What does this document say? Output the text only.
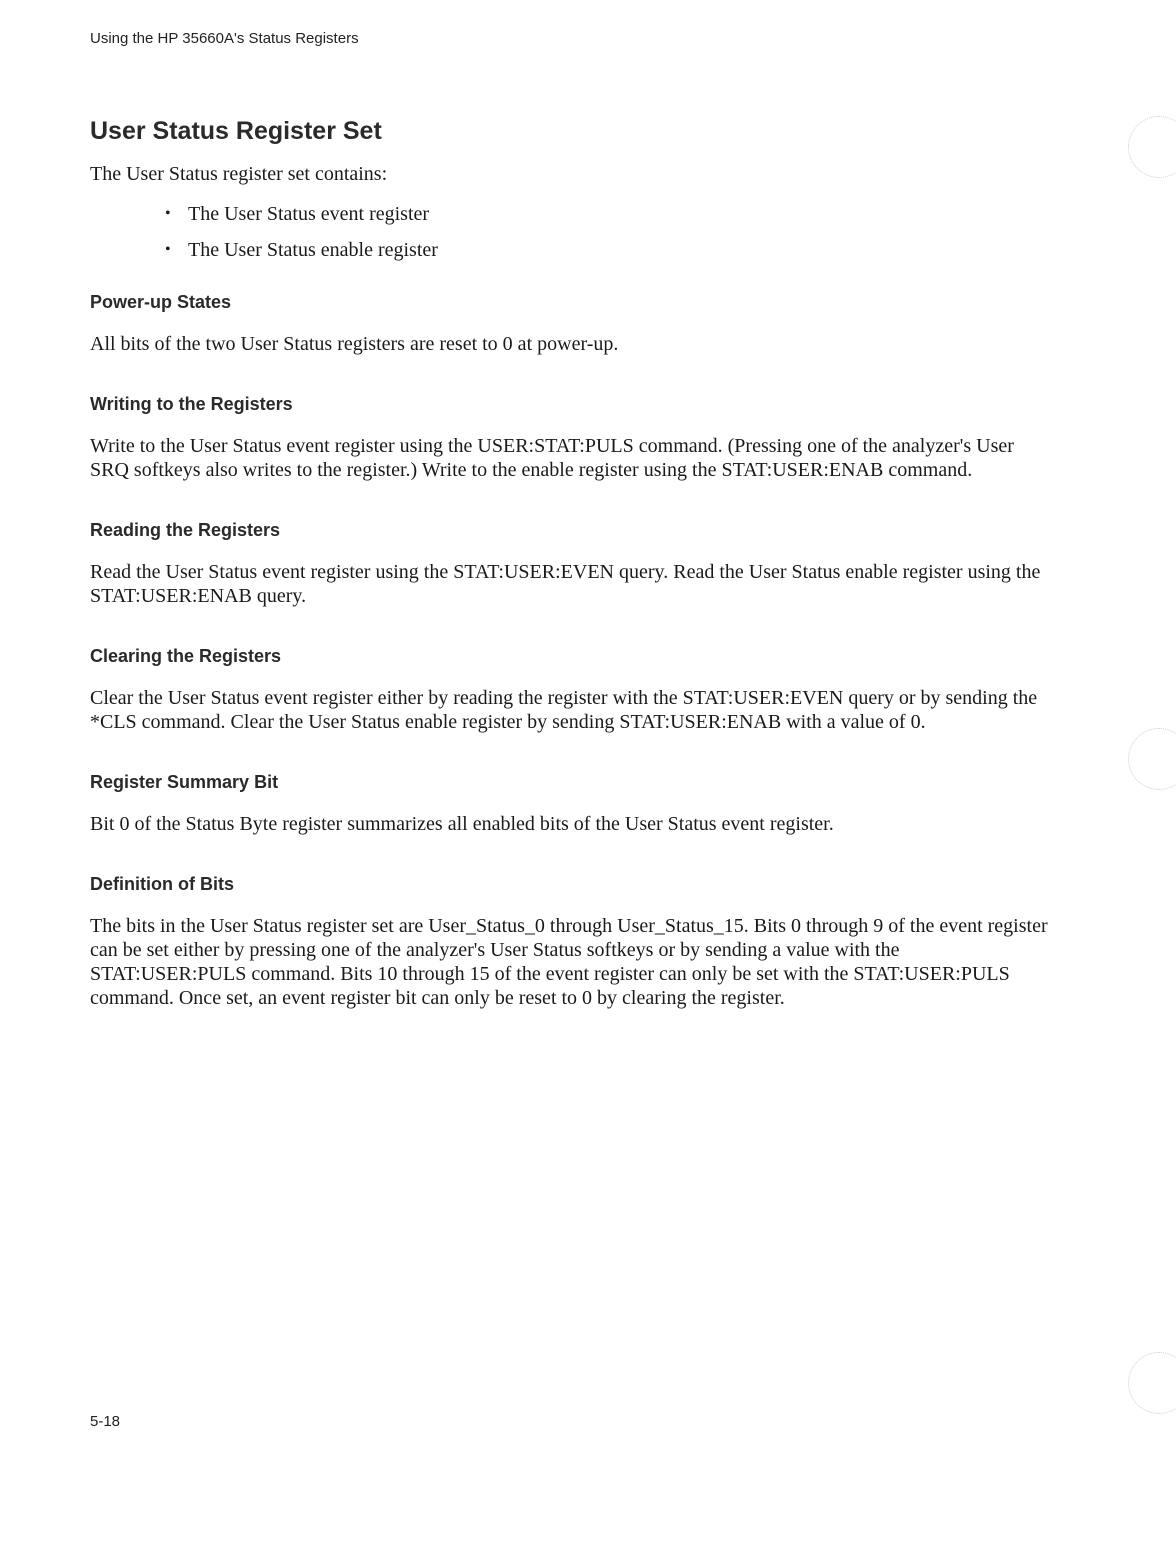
Using the HP 35660A's Status Registers
User Status Register Set

The User Status register set contains:

• The User Status event register
• The User Status enable register
Power-up States

All bits of the two User Status registers are reset to 0 at power-up.

Writing to the Registers

Write to the User Status event register using the USER:STAT:PULS command. (Pressing one of the analyzer's User SRQ softkeys also writes to the register.) Write to the enable register using the STAT:USER:ENAB command.

Reading the Registers

Read the User Status event register using the STAT:USER:EVEN query. Read the User Status enable register using the STAT:USER:ENAB query.

Clearing the Registers

Clear the User Status event register either by reading the register with the STAT:USER:EVEN query or by sending the *CLS command. Clear the User Status enable register by sending STAT:USER:ENAB with a value of 0.

Register Summary Bit

Bit 0 of the Status Byte register summarizes all enabled bits of the User Status event register.

Definition of Bits

The bits in the User Status register set are User_Status_0 through User_Status_15. Bits 0 through 9 of the event register can be set either by pressing one of the analyzer's User Status softkeys or by sending a value with the STAT:USER:PULS command. Bits 10 through 15 of the event register can only be set with the STAT:USER:PULS command. Once set, an event register bit can only be reset to 0 by clearing the register.

5-18
